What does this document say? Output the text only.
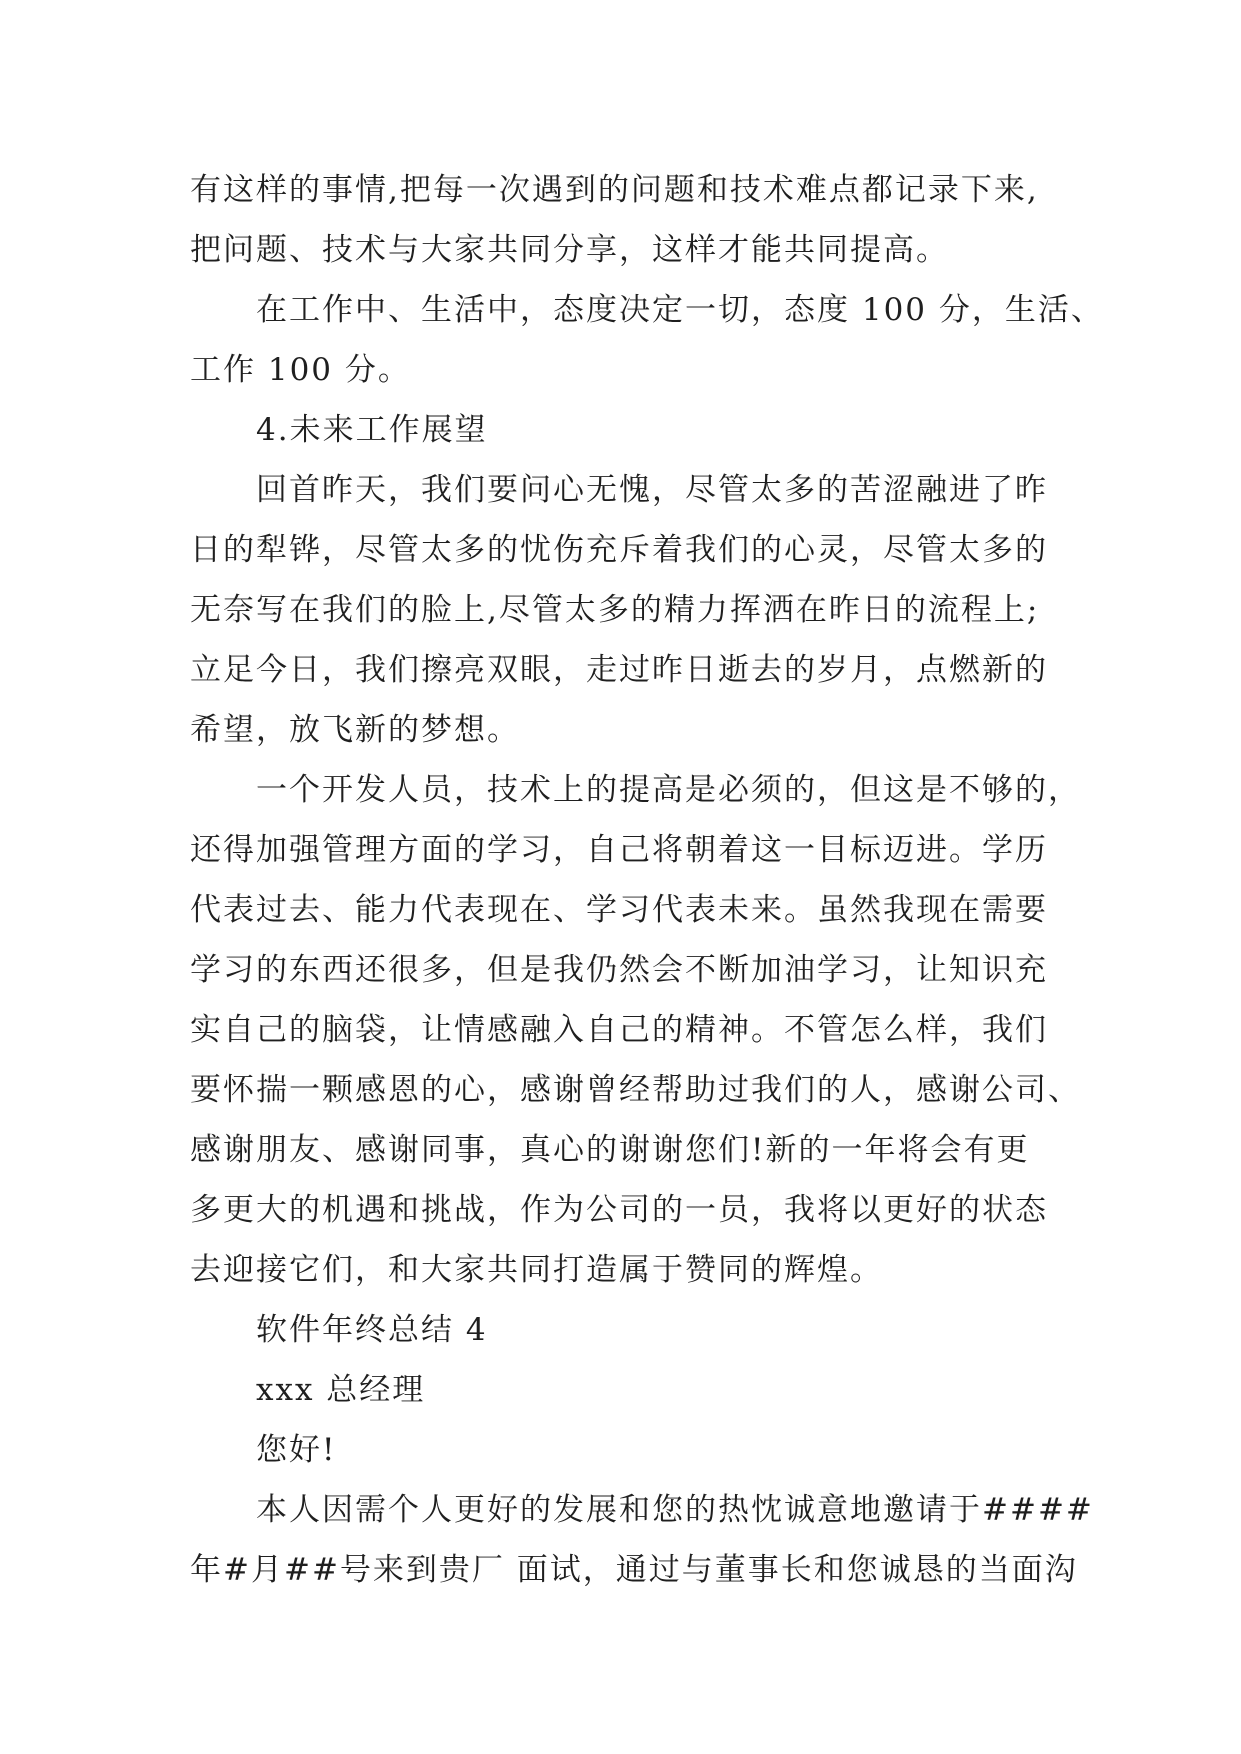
有这样的事情,把每一次遇到的问题和技术难点都记录下来,
把问题、技术与大家共同分享，这样才能共同提高。
在工作中、生活中，态度决定一切，态度 100 分，生活、
工作 100 分。
4.未来工作展望
回首昨天，我们要问心无愧，尽管太多的苦涩融进了昨
日的犁铧，尽管太多的忧伤充斥着我们的心灵，尽管太多的
无奈写在我们的脸上,尽管太多的精力挥洒在昨日的流程上;
立足今日，我们擦亮双眼，走过昨日逝去的岁月，点燃新的
希望，放飞新的梦想。
一个开发人员，技术上的提高是必须的，但这是不够的，
还得加强管理方面的学习，自己将朝着这一目标迈进。学历
代表过去、能力代表现在、学习代表未来。虽然我现在需要
学习的东西还很多，但是我仍然会不断加油学习，让知识充
实自己的脑袋，让情感融入自己的精神。不管怎么样，我们
要怀揣一颗感恩的心，感谢曾经帮助过我们的人，感谢公司、
感谢朋友、感谢同事，真心的谢谢您们!新的一年将会有更
多更大的机遇和挑战，作为公司的一员，我将以更好的状态
去迎接它们，和大家共同打造属于赞同的辉煌。
软件年终总结 4
xxx 总经理
您好!
本人因需个人更好的发展和您的热忱诚意地邀请于####
年#月##号来到贵厂 面试，通过与董事长和您诚恳的当面沟
